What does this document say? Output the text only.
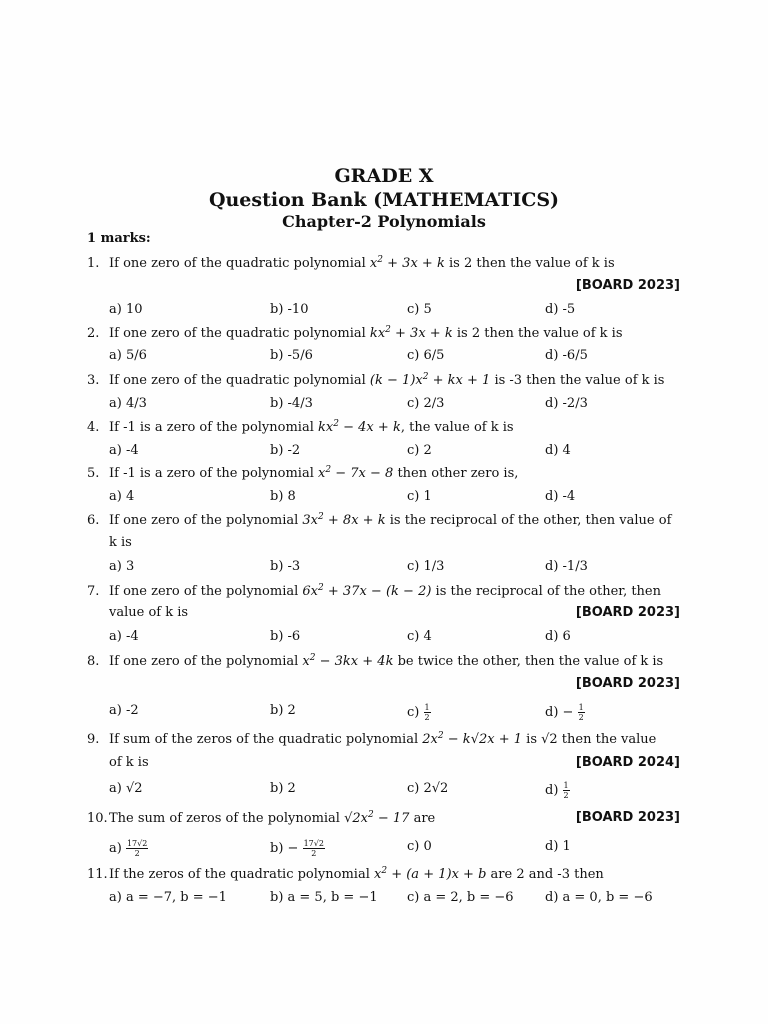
GRADE X
Question Bank (MATHEMATICS)
Chapter-2 Polynomials
1 marks:
1. If one zero of the quadratic polynomial $x^2 + 3x + k$ is 2 then the value of k is
[BOARD 2023]
a) 10	b) -10	c) 5	d) -5
2. If one zero of the quadratic polynomial $kx^2 + 3x + k$ is 2 then the value of k is
a) 5/6	b) -5/6	c) 6/5	d) -6/5
3. If one zero of the quadratic polynomial $(k - 1)x^2$ + kx + 1 is -3 then the value of k is
a) 4/3	b) -4/3	c) 2/3	d) -2/3
4. If -1 is a zero of the polynomial $kx^2 - 4x + k$, the value of k is
a) -4	b) -2	c) 2	d) 4
5. If -1 is a zero of the polynomial $x^2 - 7x - 8$ then other zero is,
a) 4	b) 8	c) 1	d) -4
6. If one zero of the polynomial $3x^2 + 8x + k$ is the reciprocal of the other, then value of
k is
a) 3	b) -3	c) 1/3	d) -1/3
7. If one zero of the polynomial $6x^2 + 37x - (k - 2)$ is the reciprocal of the other, then
value of k is	[BOARD 2023]
a) -4	b) -6	c) 4	d) 6
8. If one zero of the polynomial $x^2 - 3kx + 4k$ be twice the other, then the value of k is
[BOARD 2023]
a) -2	b) 2	$c) \frac{1}{2}$	$d) - \frac{1}{2}$
9. If sum of the zeros of the quadratic polynomial $2x^2 - k√2x + 1$ is √2 then the value
of k is	[BOARD 2024]
a) √2	b) 2	c) 2√2	$d) \frac{1}{2}$
10.The sum of zeros of the polynomial $√2x^2 - 17$ are	[BOARD 2023]
$a) \frac{17√2}{2}$	$b) - \frac{17√2}{2}$	c) 0	d) 1
11.If the zeros of the quadratic polynomial $x^2 + (a + 1)x + b$ are 2 and -3 then
a) a = −7, b = −1	b) a = 5, b = −1 c) a = 2, b = −6 d) a = 0, b = −6
